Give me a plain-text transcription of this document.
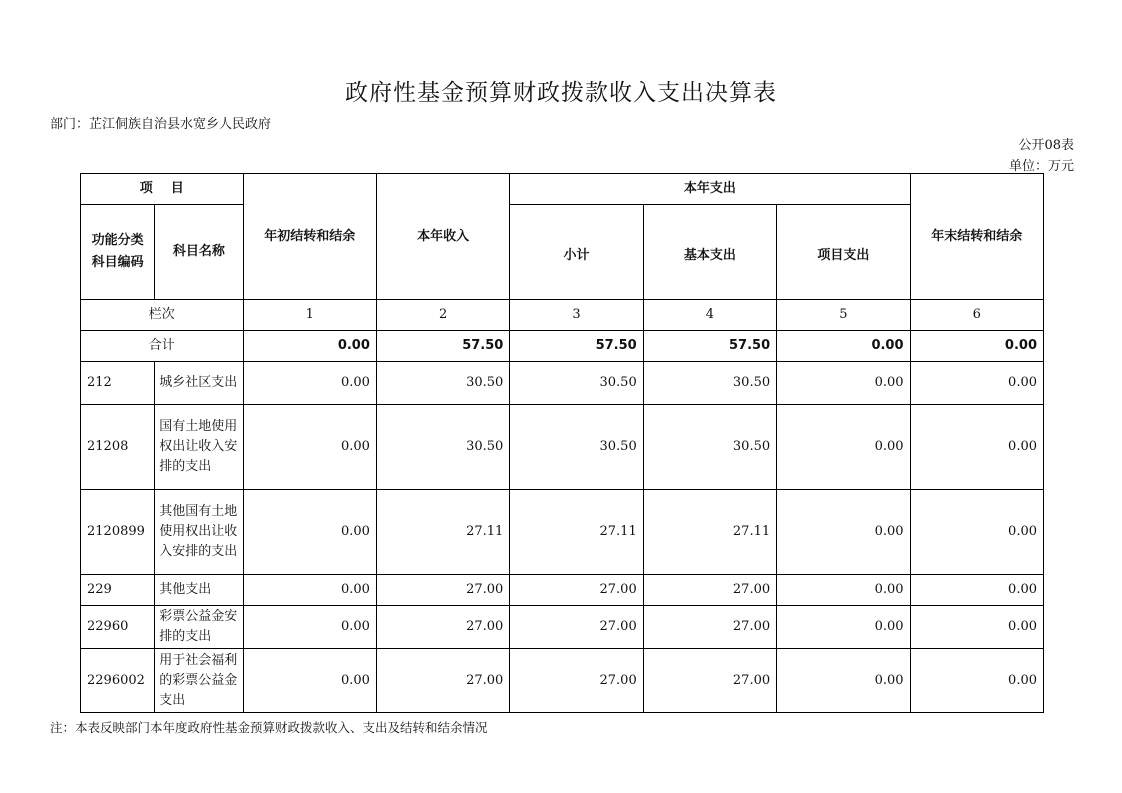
政府性基金预算财政拨款收入支出决算表
部门：芷江侗族自治县水宽乡人民政府
公开08表
单位：万元
项    目		年初结转和结余	本年收入	本年支出			年末结转和结余

功能分类科目编码	科目名称			小计	基本支出	项目支出	
栏次		1	2	3	4	5	6
合计		0.00	57.50	57.50	57.50	0.00	0.00
212	城乡社区支出	0.00	30.50	30.50	30.50	0.00	0.00
21208	国有土地使用权出让收入安排的支出	0.00	30.50	30.50	30.50	0.00	0.00
2120899	其他国有土地使用权出让收入安排的支出	0.00	27.11	27.11	27.11	0.00	0.00
229	其他支出	0.00	27.00	27.00	27.00	0.00	0.00
22960	彩票公益金安排的支出	0.00	27.00	27.00	27.00	0.00	0.00
2296002	用于社会福利的彩票公益金支出	0.00	27.00	27.00	27.00	0.00	0.00
注：本表反映部门本年度政府性基金预算财政拨款收入、支出及结转和结余情况
